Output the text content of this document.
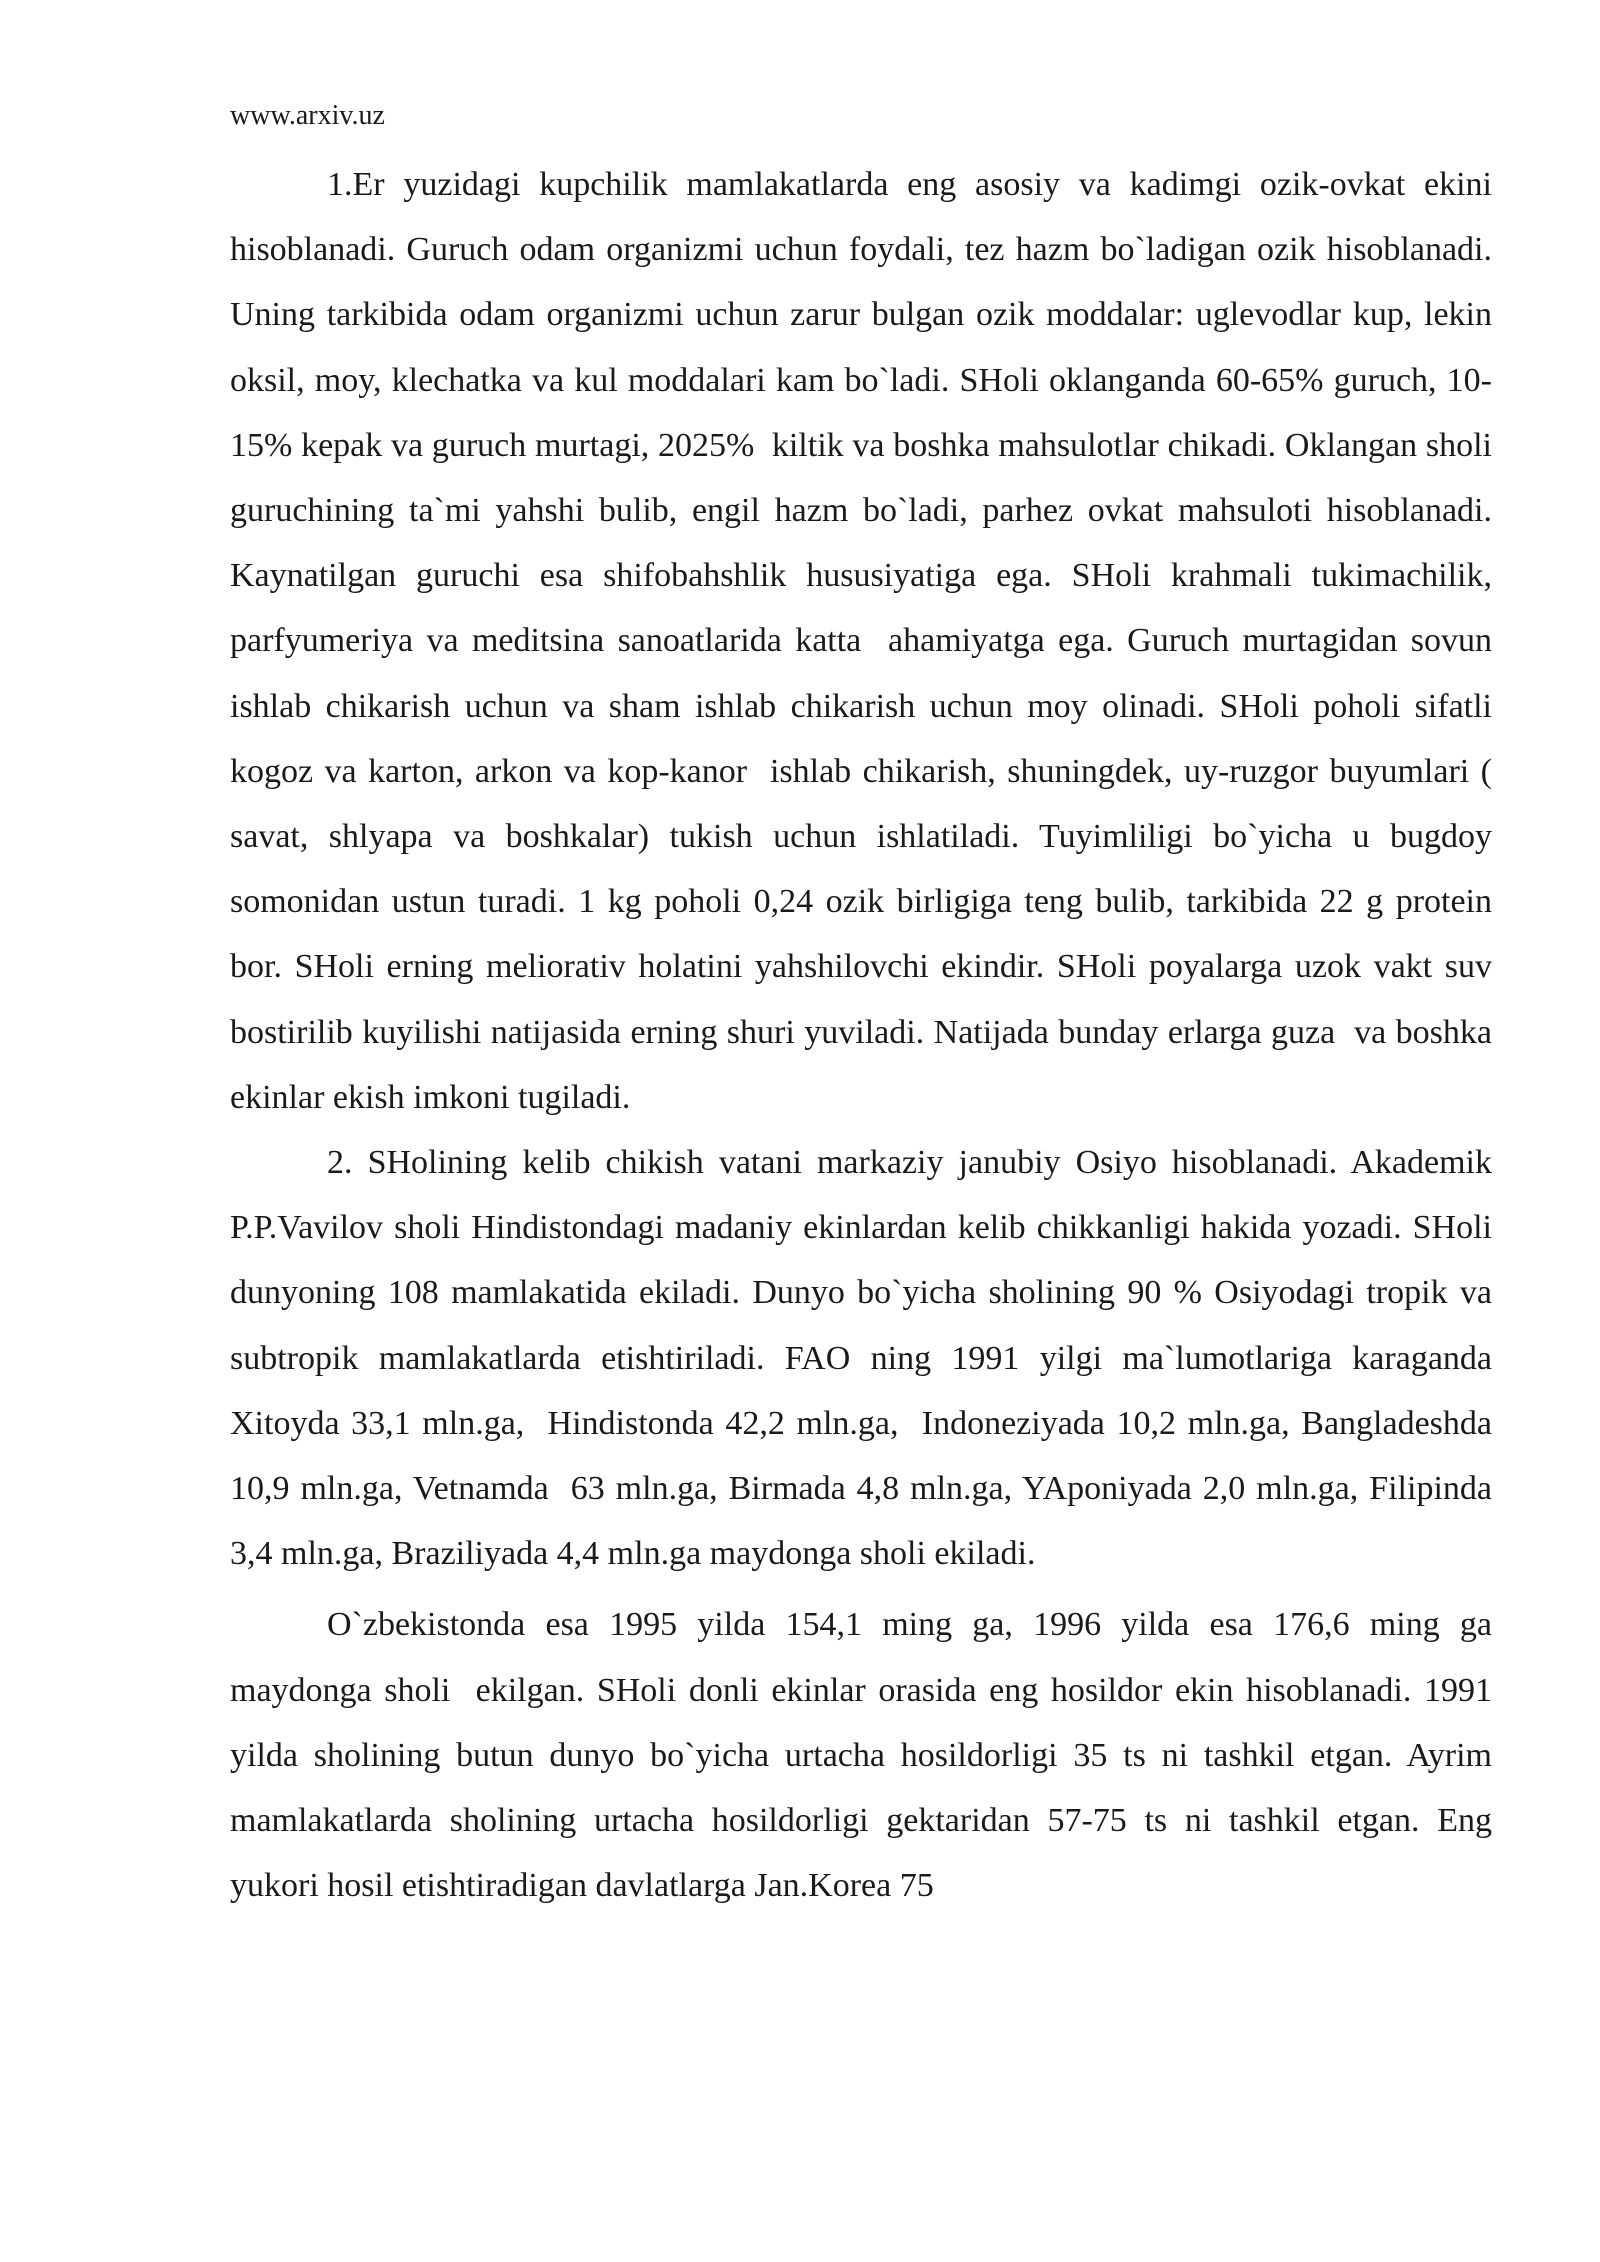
www.arxiv.uz

1.Er yuzidagi kupchilik mamlakatlarda eng asosiy va kadimgi ozik-ovkat ekini hisoblanadi. Guruch odam organizmi uchun foydali, tez hazm bo`ladigan ozik hisoblanadi. Uning tarkibida odam organizmi uchun zarur bulgan ozik moddalar: uglevodlar kup, lekin oksil, moy, klechatka va kul moddalari kam bo`ladi. SHoli oklanganda 60-65% guruch, 10-15% kepak va guruch murtagi, 2025%  kiltik va boshka mahsulotlar chikadi. Oklangan sholi guruchining ta`mi yahshi bulib, engil hazm bo`ladi, parhez ovkat mahsuloti hisoblanadi. Kaynatilgan guruchi esa shifobahshlik hususiyatiga ega. SHoli krahmali tukimachilik, parfyumeriya va meditsina sanoatlarida katta  ahamiyatga ega. Guruch murtagidan sovun ishlab chikarish uchun va sham ishlab chikarish uchun moy olinadi. SHoli poholi sifatli kogoz va karton, arkon va kop-kanor  ishlab chikarish, shuningdek, uy-ruzgor buyumlari ( savat, shlyapa va boshkalar) tukish uchun ishlatiladi. Tuyimliligi bo`yicha u bugdoy somonidan ustun turadi. 1 kg poholi 0,24 ozik birligiga teng bulib, tarkibida 22 g protein bor. SHoli erning meliorativ holatini yahshilovchi ekindir. SHoli poyalarga uzok vakt suv  bostirilib kuyilishi natijasida erning shuri yuviladi. Natijada bunday erlarga guza  va boshka ekinlar ekish imkoni tugiladi.

2. SHolining kelib chikish vatani markaziy janubiy Osiyo hisoblanadi. Akademik P.P.Vavilov sholi Hindistondagi madaniy ekinlardan kelib chikkanligi hakida yozadi. SHoli dunyoning 108 mamlakatida ekiladi. Dunyo bo`yicha sholining 90 % Osiyodagi tropik va subtropik mamlakatlarda etishtiriladi. FAO ning 1991 yilgi ma`lumotlariga karaganda Xitoyda 33,1 mln.ga,  Hindistonda 42,2 mln.ga,  Indoneziyada 10,2 mln.ga, Bangladeshda 10,9 mln.ga, Vetnamda  63 mln.ga, Birmada 4,8 mln.ga, YAponiyada 2,0 mln.ga, Filipinda 3,4 mln.ga, Braziliyada 4,4 mln.ga maydonga sholi ekiladi.

O`zbekistonda esa 1995 yilda 154,1 ming ga, 1996 yilda esa 176,6 ming ga maydonga sholi  ekilgan. SHoli donli ekinlar orasida eng hosildor ekin hisoblanadi. 1991 yilda sholining butun dunyo bo`yicha urtacha hosildorligi 35 ts ni tashkil etgan. Ayrim mamlakatlarda sholining urtacha hosildorligi gektaridan 57-75 ts ni tashkil etgan. Eng yukori hosil etishtiradigan davlatlarga Jan.Korea 75
